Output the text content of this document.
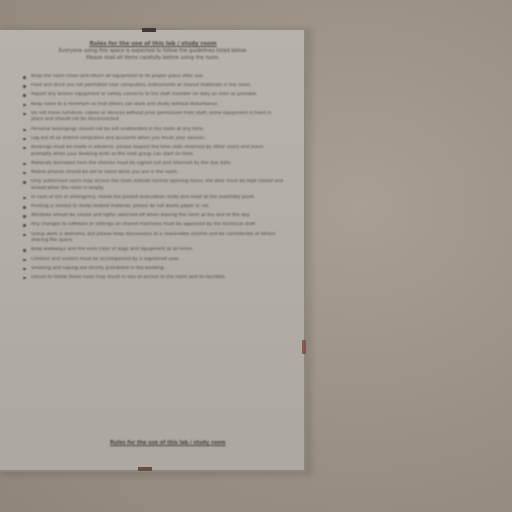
Rules for the use of this lab / study room
Everyone using this space is expected to follow the guidelines listed below.
Please read all items carefully before using the room.
Keep the room clean and return all equipment to its proper place after use.
Food and drink are not permitted near computers, instruments or shared materials in the room.
Report any broken equipment or safety concerns to the staff member on duty as soon as possible.
Keep noise to a minimum so that others can work and study without disturbance.
Do not move furniture, cables or devices without prior permission from staff; some equipment is fixed in place and should not be disconnected.
Personal belongings should not be left unattended in the room at any time.
Log out of all shared computers and accounts when you finish your session.
Bookings must be made in advance; please respect the time slots reserved by other users and leave promptly when your booking ends so the next group can start on time.
Materials borrowed from the shelves must be signed out and returned by the due date.
Mobile phones should be set to silent while you are in the room.
Only authorised users may access the room outside normal opening hours; the door must be kept closed and locked when the room is empty.
In case of fire or emergency, follow the posted evacuation route and meet at the assembly point.
Printing is limited to study-related material; please do not waste paper or ink.
Windows should be closed and lights switched off when leaving the room at the end of the day.
Any changes to software or settings on shared machines must be approved by the technical staff.
Group work is welcome, but please keep discussions at a reasonable volume and be considerate of others sharing the space.
Keep walkways and fire exits clear of bags and equipment at all times.
Children and visitors must be accompanied by a registered user.
Smoking and vaping are strictly prohibited in the building.
Failure to follow these rules may result in loss of access to the room and its facilities.
Rules for the use of this lab / study room
